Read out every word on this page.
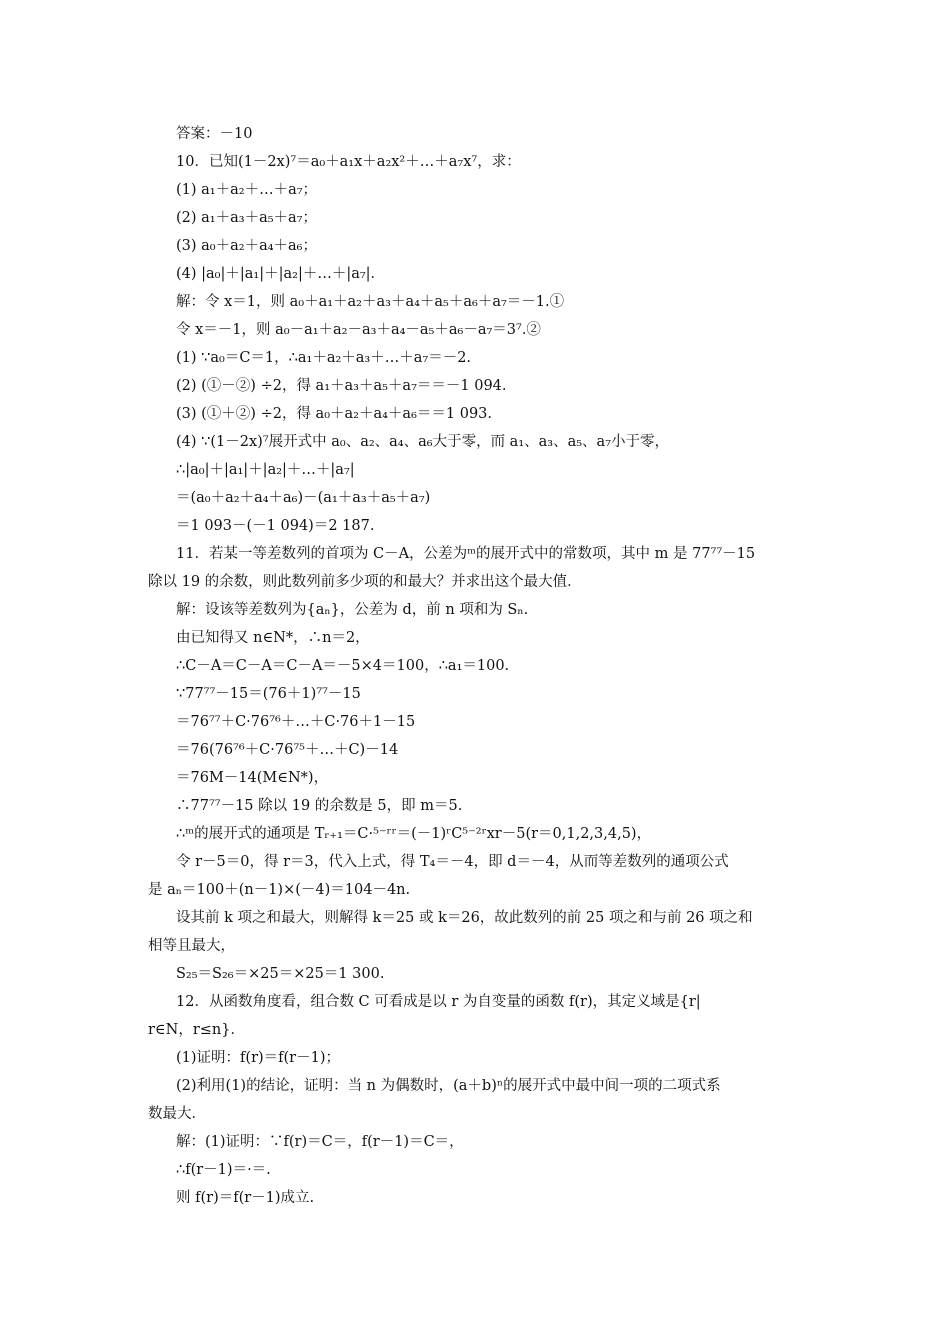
答案：－10
10．已知(1－2x)⁷＝a₀＋a₁x＋a₂x²＋…＋a₇x⁷，求：
(1) a₁＋a₂＋…＋a₇；
(2) a₁＋a₃＋a₅＋a₇；
(3) a₀＋a₂＋a₄＋a₆；
(4) |a₀|＋|a₁|＋|a₂|＋…＋|a₇|．
解：令 x＝1，则 a₀＋a₁＋a₂＋a₃＋a₄＋a₅＋a₆＋a₇＝－1.①
令 x＝－1，则 a₀－a₁＋a₂－a₃＋a₄－a₅＋a₆－a₇＝3⁷.②
(1) ∵a₀＝C＝1，∴a₁＋a₂＋a₃＋…＋a₇＝－2.
(2) (①－②) ÷2，得 a₁＋a₃＋a₅＋a₇＝＝－1 094.
(3) (①＋②) ÷2，得 a₀＋a₂＋a₄＋a₆＝＝1 093.
(4) ∵(1－2x)⁷展开式中 a₀、a₂、a₄、a₆大于零，而 a₁、a₃、a₅、a₇小于零，
∴|a₀|＋|a₁|＋|a₂|＋…＋|a₇|
＝(a₀＋a₂＋a₄＋a₆)－(a₁＋a₃＋a₅＋a₇)
＝1 093－(－1 094)＝2 187.
11．若某一等差数列的首项为 C－A，公差为ᵐ的展开式中的常数项，其中 m 是 77⁷⁷－15
除以 19 的余数，则此数列前多少项的和最大？并求出这个最大值．
解：设该等差数列为{aₙ}，公差为 d，前 n 项和为 Sₙ.
由已知得又 n∈N*，∴n＝2，
∴C－A＝C－A＝C－A＝－5×4＝100，∴a₁＝100.
∵77⁷⁷－15＝(76＋1)⁷⁷－15
＝76⁷⁷＋C·76⁷⁶＋…＋C·76＋1－15
＝76(76⁷⁶＋C·76⁷⁵＋…＋C)－14
＝76M－14(M∈N*)，
∴77⁷⁷－15 除以 19 的余数是 5，即 m＝5.
∴ᵐ的展开式的通项是 Tᵣ₊₁＝C·⁵⁻ʳʳ＝(－1)ʳC⁵⁻²ʳxr－5(r＝0,1,2,3,4,5)，
令 r－5＝0，得 r＝3，代入上式，得 T₄＝－4，即 d＝－4，从而等差数列的通项公式
是 aₙ＝100＋(n－1)×(－4)＝104－4n.
设其前 k 项之和最大，则解得 k＝25 或 k＝26，故此数列的前 25 项之和与前 26 项之和
相等且最大，
S₂₅＝S₂₆＝×25＝×25＝1 300.
12．从函数角度看，组合数 C 可看成是以 r 为自变量的函数 f(r)，其定义域是{r|
r∈N，r≤n}．
(1)证明：f(r)＝f(r－1)；
(2)利用(1)的结论，证明：当 n 为偶数时，(a＋b)ⁿ的展开式中最中间一项的二项式系
数最大．
解：(1)证明：∵f(r)＝C＝，f(r－1)＝C＝，
∴f(r－1)＝·＝.
则 f(r)＝f(r－1)成立.
